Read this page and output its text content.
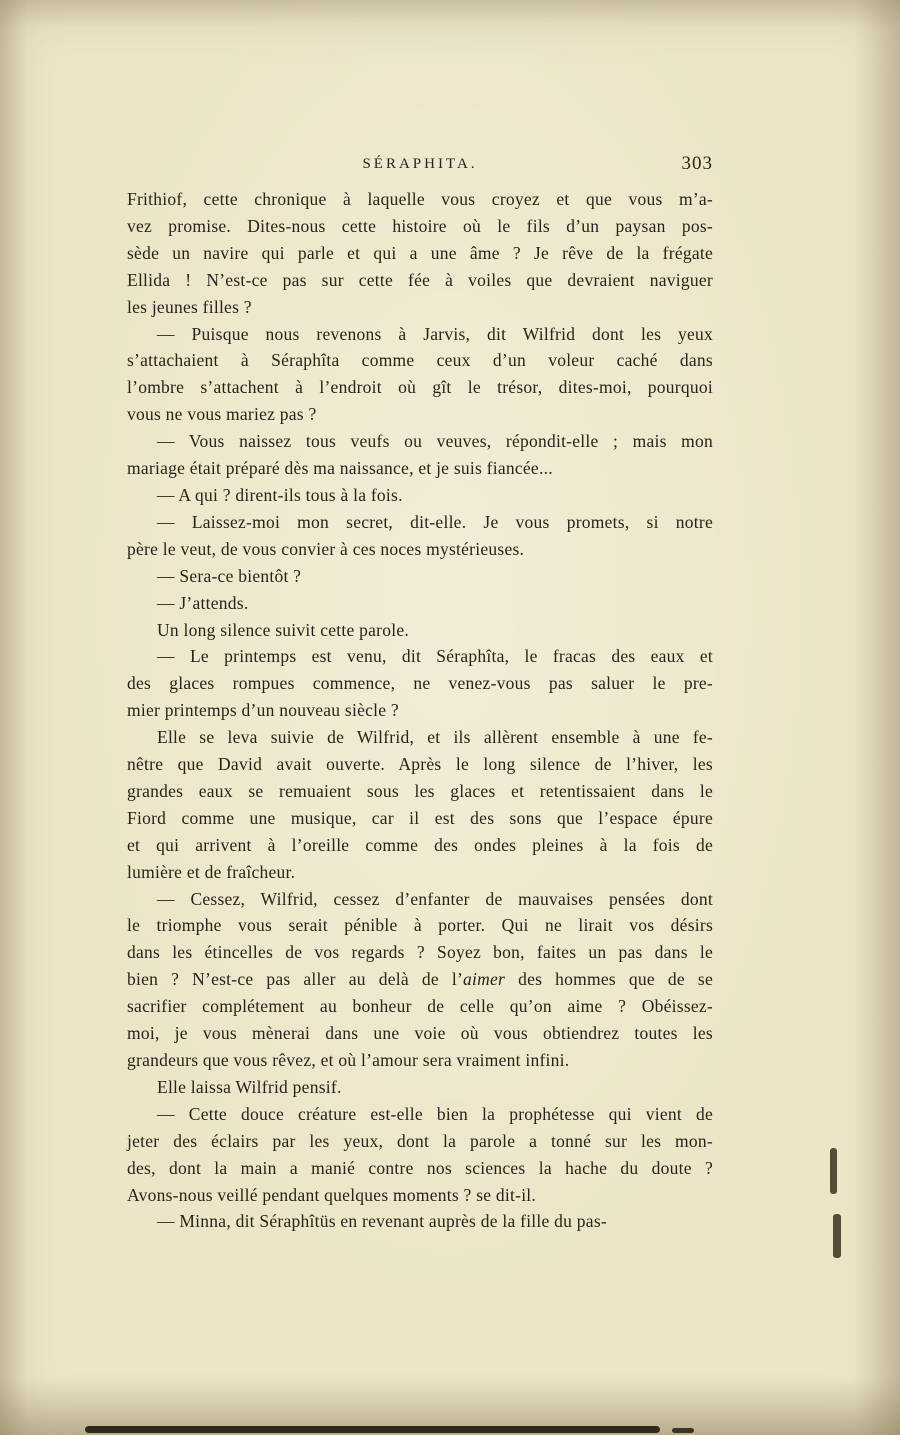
SÉRAPHITA.	303
Frithiof, cette chronique à laquelle vous croyez et que vous m’a-
vez promise. Dites-nous cette histoire où le fils d’un paysan pos-
sède un navire qui parle et qui a une âme ? Je rêve de la frégate
Ellida ! N’est-ce pas sur cette fée à voiles que devraient naviguer
les jeunes filles ?
— Puisque nous revenons à Jarvis, dit Wilfrid dont les yeux
s’attachaient à Séraphîta comme ceux d’un voleur caché dans
l’ombre s’attachent à l’endroit où gît le trésor, dites-moi, pourquoi
vous ne vous mariez pas ?
— Vous naissez tous veufs ou veuves, répondit-elle ; mais mon
mariage était préparé dès ma naissance, et je suis fiancée...
— A qui ? dirent-ils tous à la fois.
— Laissez-moi mon secret, dit-elle. Je vous promets, si notre
père le veut, de vous convier à ces noces mystérieuses.
— Sera-ce bientôt ?
— J’attends.
Un long silence suivit cette parole.
— Le printemps est venu, dit Séraphîta, le fracas des eaux et
des glaces rompues commence, ne venez-vous pas saluer le pre-
mier printemps d’un nouveau siècle ?
Elle se leva suivie de Wilfrid, et ils allèrent ensemble à une fe-
nêtre que David avait ouverte. Après le long silence de l’hiver, les
grandes eaux se remuaient sous les glaces et retentissaient dans le
Fiord comme une musique, car il est des sons que l’espace épure
et qui arrivent à l’oreille comme des ondes pleines à la fois de
lumière et de fraîcheur.
— Cessez, Wilfrid, cessez d’enfanter de mauvaises pensées dont
le triomphe vous serait pénible à porter. Qui ne lirait vos désirs
dans les étincelles de vos regards ? Soyez bon, faites un pas dans le
bien ? N’est-ce pas aller au delà de l’aimer des hommes que de se
sacrifier complétement au bonheur de celle qu’on aime ? Obéissez-
moi, je vous mènerai dans une voie où vous obtiendrez toutes les
grandeurs que vous rêvez, et où l’amour sera vraiment infini.
Elle laissa Wilfrid pensif.
— Cette douce créature est-elle bien la prophétesse qui vient de
jeter des éclairs par les yeux, dont la parole a tonné sur les mon-
des, dont la main a manié contre nos sciences la hache du doute ?
Avons-nous veillé pendant quelques moments ? se dit-il.
— Minna, dit Séraphîtüs en revenant auprès de la fille du pas-
